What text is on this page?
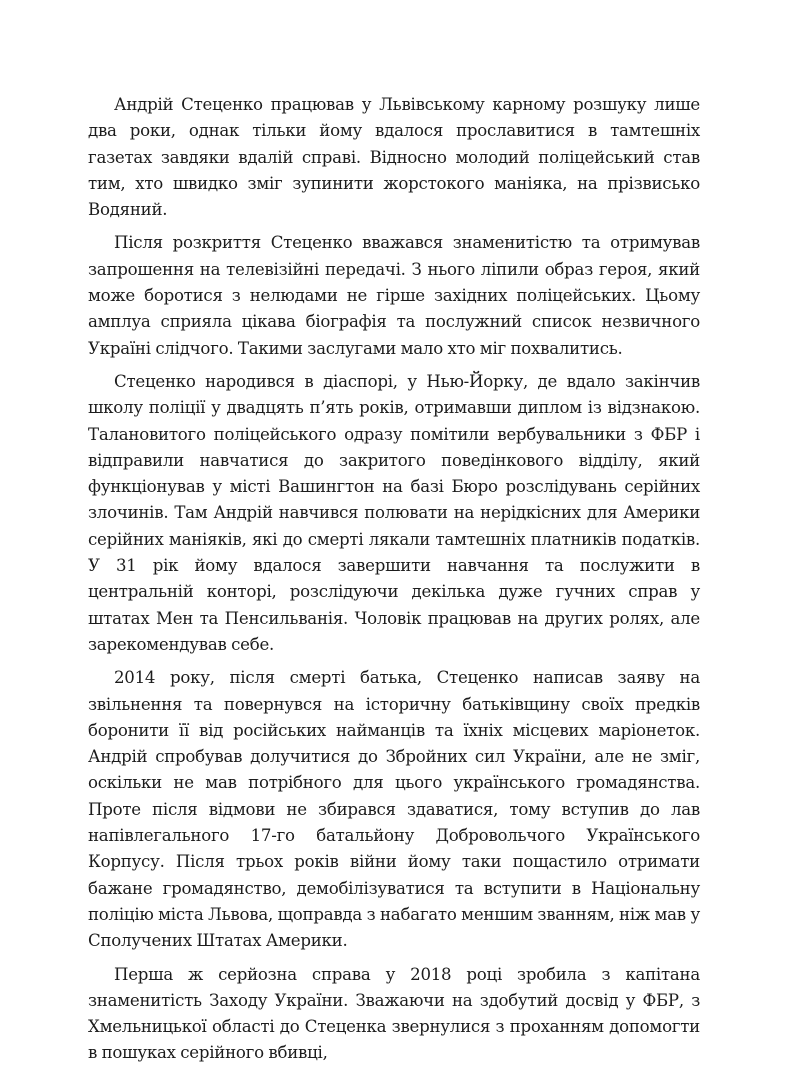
Андрій Стеценко працював у Львівському карному розшуку лише два роки, однак тільки йому вдалося прославитися в тамтешніх газетах завдяки вдалій справі. Відносно молодий поліцейський став тим, хто швидко зміг зупинити жорстокого маніяка, на прізвисько Водяний.

Після розкриття Стеценко вважався знаменитістю та отримував запрошення на телевізійні передачі. З нього ліпили образ героя, який може боротися з нелюдами не гірше західних поліцейських. Цьому амплуа сприяла цікава біографія та послужний список незвичного Україні слідчого. Такими заслугами мало хто міг похвалитись.

Стеценко народився в діаспорі, у Нью-Йорку, де вдало закінчив школу поліції у двадцять п’ять років, отримавши диплом із відзнакою. Талановитого поліцейського одразу помітили вербувальники з ФБР і відправили навчатися до закритого поведінкового відділу, який функціонував у місті Вашингтон на базі Бюро розслідувань серійних злочинів. Там Андрій навчився полювати на нерідкісних для Америки серійних маніяків, які до смерті лякали тамтешніх платників податків. У 31 рік йому вдалося завершити навчання та послужити в центральній конторі, розслідуючи декілька дуже гучних справ у штатах Мен та Пенсильванія. Чоловік працював на других ролях, але зарекомендував себе.

2014 року, після смерті батька, Стеценко написав заяву на звільнення та повернувся на історичну батьківщину своїх предків боронити її від російських найманців та їхніх місцевих маріонеток. Андрій спробував долучитися до Збройних сил України, але не зміг, оскільки не мав потрібного для цього українського громадянства. Проте після відмови не збирався здаватися, тому вступив до лав напівлегального 17-го батальйону Добровольчого Українського Корпусу. Після трьох років війни йому таки пощастило отримати бажане громадянство, демобілізуватися та вступити в Національну поліцію міста Львова, щоправда з набагато меншим званням, ніж мав у Сполучених Штатах Америки.

Перша ж серйозна справа у 2018 році зробила з капітана знаменитість Заходу України. Зважаючи на здобутий досвід у ФБР, з Хмельницької області до Стеценка звернулися з проханням допомогти в пошуках серійного вбивці,
